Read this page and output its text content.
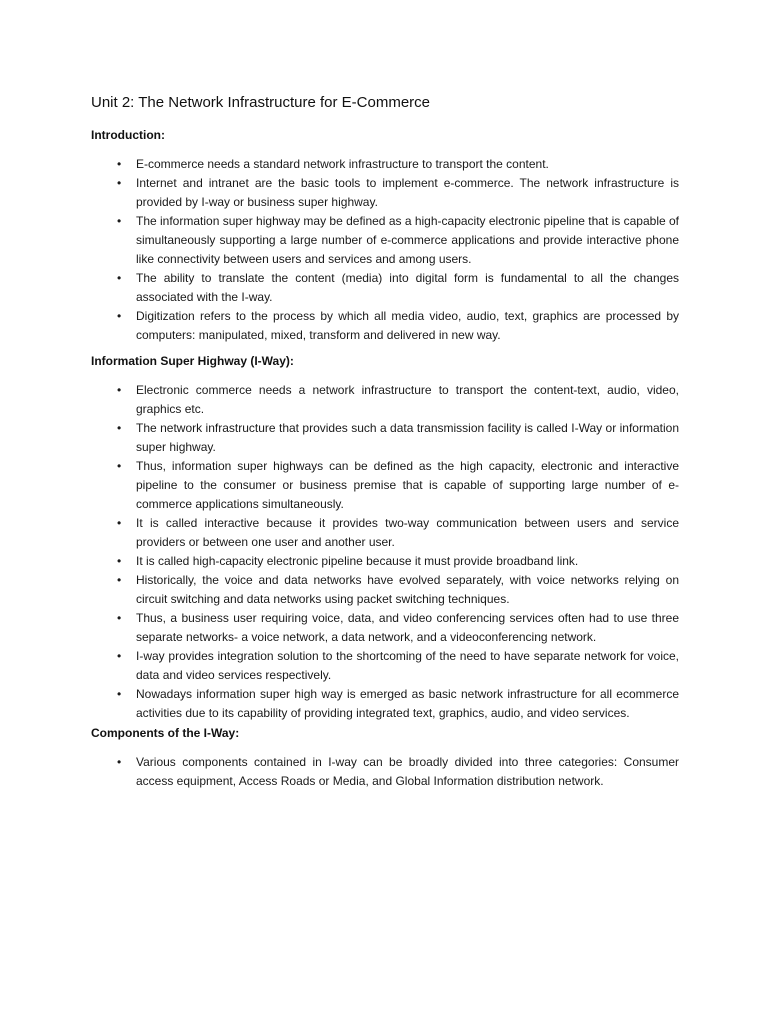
Unit 2: The Network Infrastructure for E-Commerce
Introduction:
• E-commerce needs a standard network infrastructure to transport the content.
• Internet and intranet are the basic tools to implement e-commerce. The network infrastructure is provided by I-way or business super highway.
• The information super highway may be defined as a high-capacity electronic pipeline that is capable of simultaneously supporting a large number of e-commerce applications and provide interactive phone like connectivity between users and services and among users.
• The ability to translate the content (media) into digital form is fundamental to all the changes associated with the I-way.
• Digitization refers to the process by which all media video, audio, text, graphics are processed by computers: manipulated, mixed, transform and delivered in new way.
Information Super Highway (I-Way):
• Electronic commerce needs a network infrastructure to transport the content-text, audio, video, graphics etc.
• The network infrastructure that provides such a data transmission facility is called I-Way or information super highway.
• Thus, information super highways can be defined as the high capacity, electronic and interactive pipeline to the consumer or business premise that is capable of supporting large number of e-commerce applications simultaneously.
• It is called interactive because it provides two-way communication between users and service providers or between one user and another user.
• It is called high-capacity electronic pipeline because it must provide broadband link.
• Historically, the voice and data networks have evolved separately, with voice networks relying on circuit switching and data networks using packet switching techniques.
• Thus, a business user requiring voice, data, and video conferencing services often had to use three separate networks- a voice network, a data network, and a videoconferencing network.
• I-way provides integration solution to the shortcoming of the need to have separate network for voice, data and video services respectively.
• Nowadays information super high way is emerged as basic network infrastructure for all ecommerce activities due to its capability of providing integrated text, graphics, audio, and video services.
Components of the I-Way:
• Various components contained in I-way can be broadly divided into three categories: Consumer access equipment, Access Roads or Media, and Global Information distribution network.
